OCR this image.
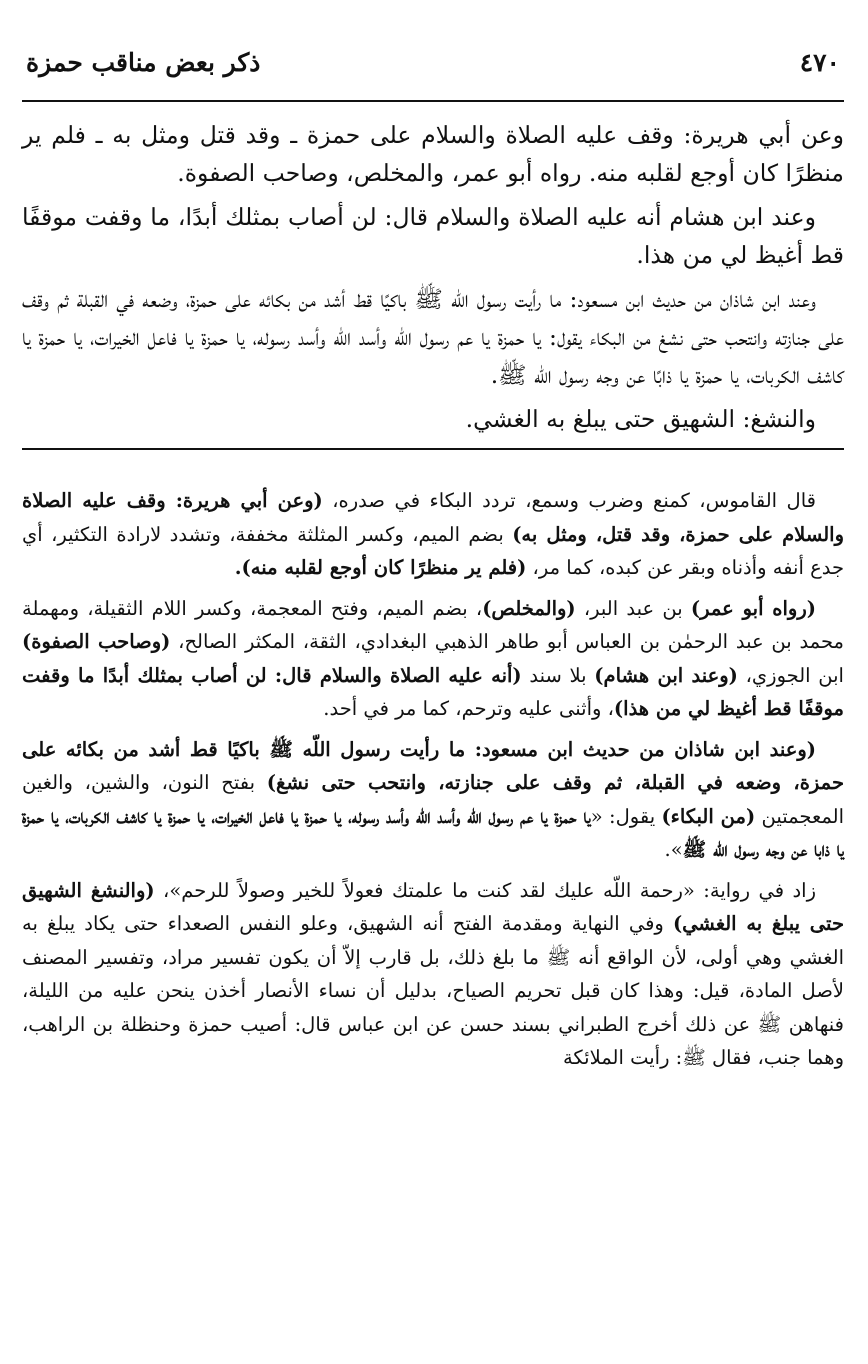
٤٧٠
ذكر بعض مناقب حمزة

وعن أبي هريرة: وقف عليه الصلاة والسلام على حمزة ـ وقد قتل ومثل به ـ فلم ير منظرًا كان أوجع لقلبه منه. رواه أبو عمر، والمخلص، وصاحب الصفوة.

وعند ابن هشام أنه عليه الصلاة والسلام قال: لن أصاب بمثلك أبدًا، ما وقفت موقفًا قط أغيظ لي من هذا.

وعند ابن شاذان من حديث ابن مسعود: ما رأيت رسول الله ﷺ باكيًا قط أشد من بكائه على حمزة، وضعه في القبلة ثم وقف على جنازته وانتحب حتى نشغ من البكاء يقول: يا حمزة يا عم رسول الله وأسد الله وأسد رسوله، يا حمزة يا فاعل الخيرات، يا حمزة يا كاشف الكربات، يا حمزة يا ذابًا عن وجه رسول الله ﷺ.

والنشغ: الشهيق حتى يبلغ به الغشي.

قال القاموس، كمنع وضرب وسمع، تردد البكاء في صدره، (وعن أبي هريرة: وقف عليه الصلاة والسلام على حمزة، وقد قتل، ومثل به) بضم الميم، وكسر المثلثة مخففة، وتشدد لارادة التكثير، أي جدع أنفه وأذناه وبقر عن كبده، كما مر، (فلم ير منظرًا كان أوجع لقلبه منه).

(رواه أبو عمر) بن عبد البر، (والمخلص)، بضم الميم، وفتح المعجمة، وكسر اللام الثقيلة، ومهملة محمد بن عبد الرحمٰن بن العباس أبو طاهر الذهبي البغدادي، الثقة، المكثر الصالح، (وصاحب الصفوة) ابن الجوزي، (وعند ابن هشام) بلا سند (أنه عليه الصلاة والسلام قال: لن أصاب بمثلك أبدًا ما وقفت موقفًا قط أغيظ لي من هذا)، وأثنى عليه وترحم، كما مر في أحد.

(وعند ابن شاذان من حديث ابن مسعود: ما رأيت رسول اللّه ﷺ باكيًا قط أشد من بكائه على حمزة، وضعه في القبلة، ثم وقف على جنازته، وانتحب حتى نشغ) بفتح النون، والشين، والغين المعجمتين (من البكاء) يقول: «يا حمزة يا عم رسول اللّه وأسد اللّه وأسد رسوله، يا حمزة يا فاعل الخيرات، يا حمزة يا كاشف الكربات، يا حمزة يا ذابا عن وجه رسول اللّه ﷺ».

زاد في رواية: «رحمة اللّه عليك لقد كنت ما علمتك فعولاً للخير وصولاً للرحم»، (والنشغ الشهيق حتى يبلغ به الغشي) وفي النهاية ومقدمة الفتح أنه الشهيق، وعلو النفس الصعداء حتى يكاد يبلغ به الغشي وهي أولى، لأن الواقع أنه ﷺ ما بلغ ذلك، بل قارب إلاّ أن يكون تفسير مراد، وتفسير المصنف لأصل المادة، قيل: وهذا كان قبل تحريم الصياح، بدليل أن نساء الأنصار أخذن ينحن عليه من الليلة، فنهاهن ﷺ عن ذلك أخرج الطبراني بسند حسن عن ابن عباس قال: أصيب حمزة وحنظلة بن الراهب، وهما جنب، فقال ﷺ: رأيت الملائكة
